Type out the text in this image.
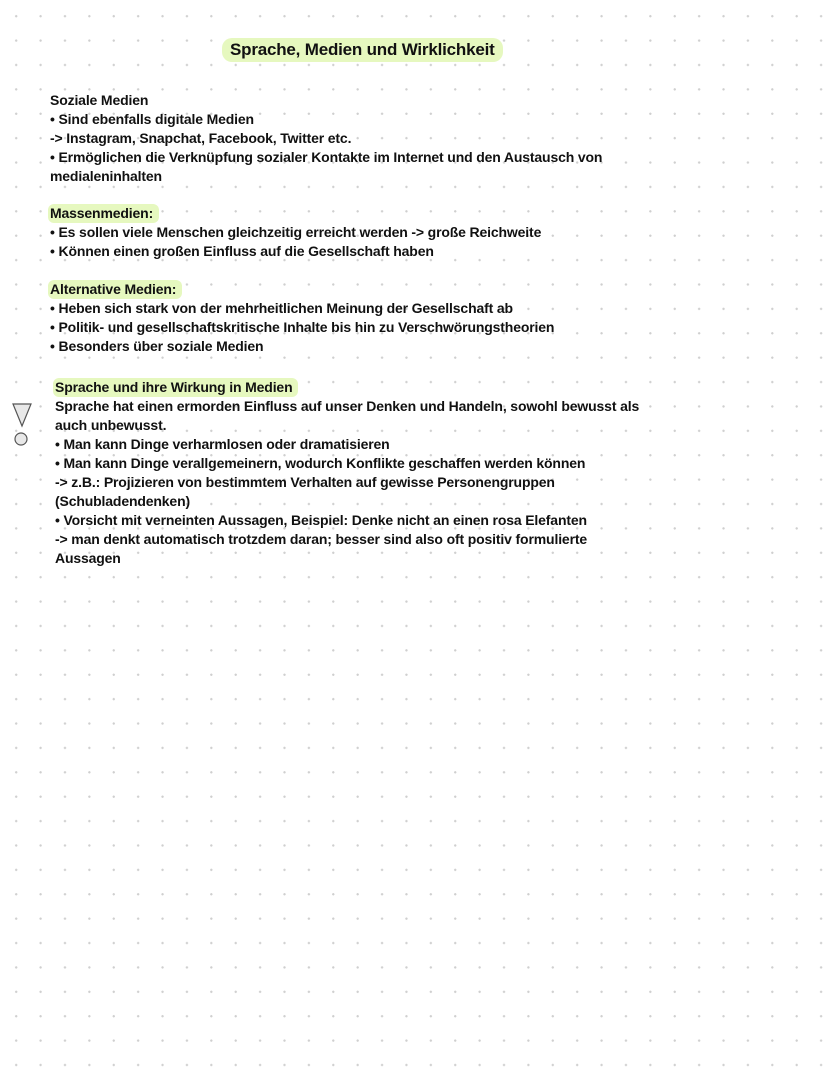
Sprache, Medien und Wirklichkeit
Soziale Medien
• Sind ebenfalls digitale Medien
-> Instagram, Snapchat, Facebook, Twitter etc.
• Ermöglichen die Verknüpfung sozialer Kontakte im Internet und den Austausch von
medialeninhalten
Massenmedien:
• Es sollen viele Menschen gleichzeitig erreicht werden -> große Reichweite
• Können einen großen Einfluss auf die Gesellschaft haben
Alternative Medien:
• Heben sich stark von der mehrheitlichen Meinung der Gesellschaft ab
• Politik- und gesellschaftskritische Inhalte bis hin zu Verschwörungstheorien
• Besonders über soziale Medien
Sprache und ihre Wirkung in Medien
Sprache hat einen ermorden Einfluss auf unser Denken und Handeln, sowohl bewusst als
auch unbewusst.
• Man kann Dinge verharmlosen oder dramatisieren
• Man kann Dinge verallgemeinern, wodurch Konflikte geschaffen werden können
-> z.B.: Projizieren von bestimmtem Verhalten auf gewisse Personengruppen
(Schubladendenken)
• Vorsicht mit verneinten Aussagen, Beispiel: Denke nicht an einen rosa Elefanten
-> man denkt automatisch trotzdem daran; besser sind also oft positiv formulierte
Aussagen
